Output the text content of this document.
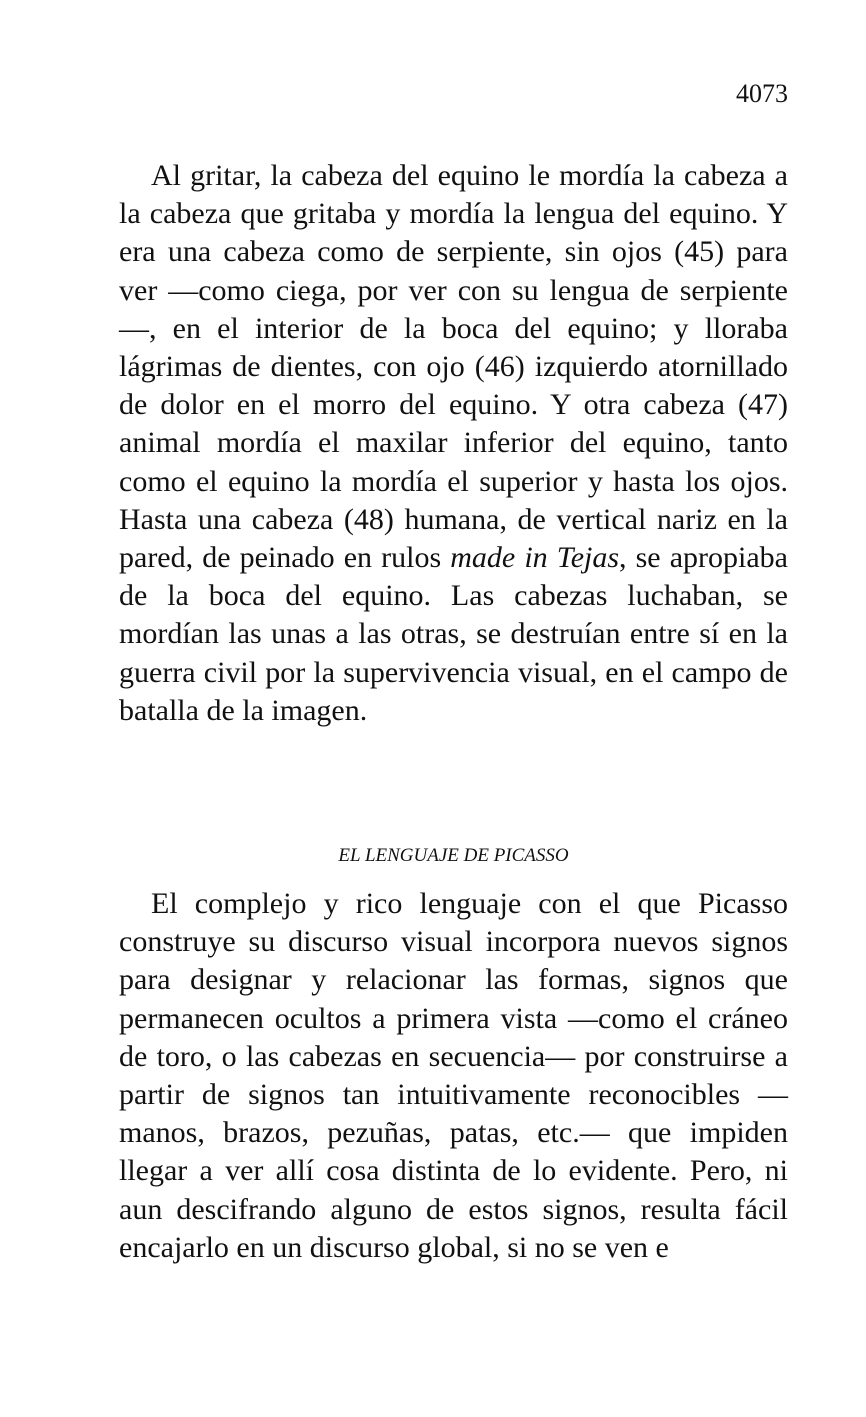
4073

Al gritar, la cabeza del equino le mordía la cabeza a la cabeza que gritaba y mordía la lengua del equino. Y era una cabeza como de serpiente, sin ojos (45) para ver —como ciega, por ver con su lengua de serpiente—, en el interior de la boca del equino; y lloraba lágrimas de dientes, con ojo (46) izquierdo atornillado de dolor en el morro del equino. Y otra cabeza (47) animal mordía el maxilar inferior del equino, tanto como el equino la mordía el superior y hasta los ojos. Hasta una cabeza (48) humana, de vertical nariz en la pared, de peinado en rulos made in Tejas, se apropiaba de la boca del equino. Las cabezas luchaban, se mordían las unas a las otras, se destruían entre sí en la guerra civil por la supervivencia visual, en el campo de batalla de la imagen.

EL LENGUAJE DE PICASSO

El complejo y rico lenguaje con el que Picasso construye su discurso visual incorpora nuevos signos para designar y relacionar las formas, signos que permanecen ocultos a primera vista —como el cráneo de toro, o las cabezas en secuencia— por construirse a partir de signos tan intuitivamente reconocibles —manos, brazos, pezuñas, patas, etc.— que impiden llegar a ver allí cosa distinta de lo evidente. Pero, ni aun descifrando alguno de estos signos, resulta fácil encajarlo en un discurso global, si no se ven e
